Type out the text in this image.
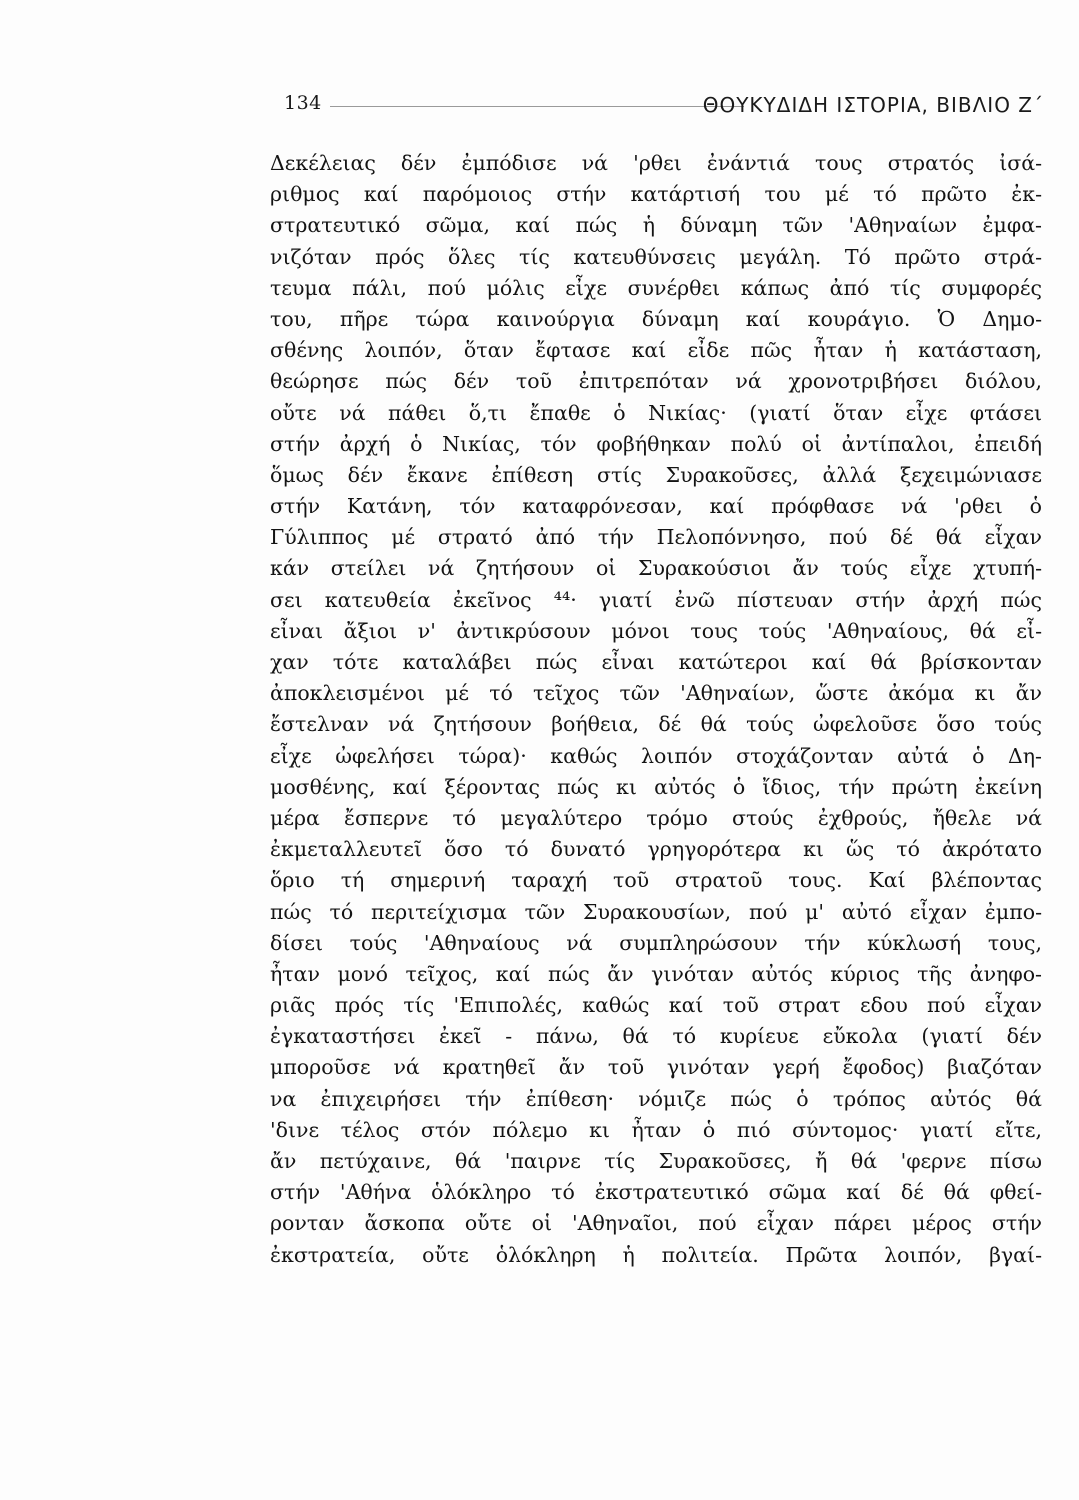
134	ΘΟΥΚΥΔΙΔΗ ΙΣΤΟΡΙΑ, ΒΙΒΛΙΟ Ζ΄
Δεκέλειας δέν ἐμπόδισε νά 'ρθει ἐνάντιά τους στρατός ἰσά-
ριθμος καί παρόμοιος στήν κατάρτισή του μέ τό πρῶτο ἐκ-
στρατευτικό σῶμα, καί πώς ἡ δύναμη τῶν 'Αθηναίων ἐμφα-
νιζόταν πρός ὅλες τίς κατευθύνσεις μεγάλη. Τό πρῶτο στρά-
τευμα πάλι, πού μόλις εἶχε συνέρθει κάπως ἀπό τίς συμφορές
του, πῆρε τώρα καινούργια δύναμη καί κουράγιο. Ὁ Δημο-
σθένης λοιπόν, ὅταν ἔφτασε καί εἶδε πῶς ἦταν ἡ κατάσταση,
θεώρησε πώς δέν τοῦ ἐπιτρεπόταν νά χρονοτριβήσει διόλου,
οὔτε νά πάθει ὅ,τι ἔπαθε ὁ Νικίας· (γιατί ὅταν εἶχε φτάσει
στήν ἀρχή ὁ Νικίας, τόν φοβήθηκαν πολύ οἱ ἀντίπαλοι, ἐπειδή
ὅμως δέν ἔκανε ἐπίθεση στίς Συρακοῦσες, ἀλλά ξεχειμώνιασε
στήν Κατάνη, τόν καταφρόνεσαν, καί πρόφθασε νά 'ρθει ὁ
Γύλιππος μέ στρατό ἀπό τήν Πελοπόννησο, πού δέ θά εἶχαν
κάν στείλει νά ζητήσουν οἱ Συρακούσιοι ἄν τούς εἶχε χτυπή-
σει κατευθεία ἐκεῖνος ⁴⁴· γιατί ἐνῶ πίστευαν στήν ἀρχή πώς
εἶναι ἄξιοι ν' ἀντικρύσουν μόνοι τους τούς 'Αθηναίους, θά εἶ-
χαν τότε καταλάβει πώς εἶναι κατώτεροι καί θά βρίσκονταν
ἀποκλεισμένοι μέ τό τεῖχος τῶν 'Αθηναίων, ὥστε ἀκόμα κι ἄν
ἔστελναν νά ζητήσουν βοήθεια, δέ θά τούς ὠφελοῦσε ὅσο τούς
εἶχε ὠφελήσει τώρα)· καθώς λοιπόν στοχάζονταν αὐτά ὁ Δη-
μοσθένης, καί ξέροντας πώς κι αὐτός ὁ ἴδιος, τήν πρώτη ἐκείνη
μέρα ἔσπερνε τό μεγαλύτερο τρόμο στούς ἐχθρούς, ἤθελε νά
ἐκμεταλλευτεῖ ὅσο τό δυνατό γρηγορότερα κι ὥς τό ἀκρότατο
ὅριο τή σημερινή ταραχή τοῦ στρατοῦ τους. Καί βλέποντας
πώς τό περιτείχισμα τῶν Συρακουσίων, πού μ' αὐτό εἶχαν ἐμπο-
δίσει τούς 'Αθηναίους νά συμπληρώσουν τήν κύκλωσή τους,
ἦταν μονό τεῖχος, καί πώς ἄν γινόταν αὐτός κύριος τῆς ἀνηφο-
ριᾶς πρός τίς 'Επιπολές, καθώς καί τοῦ στρατ εδου πού εἶχαν
ἐγκαταστήσει ἐκεῖ - πάνω, θά τό κυρίευε εὔκολα (γιατί δέν
μποροῦσε νά κρατηθεῖ ἄν τοῦ γινόταν γερή ἔφοδος) βιαζόταν
να ἐπιχειρήσει τήν ἐπίθεση· νόμιζε πώς ὁ τρόπος αὐτός θά
'δινε τέλος στόν πόλεμο κι ἦταν ὁ πιό σύντομος· γιατί εἴτε,
ἄν πετύχαινε, θά 'παιρνε τίς Συρακοῦσες, ἤ θά 'φερνε πίσω
στήν 'Αθήνα ὁλόκληρο τό ἐκστρατευτικό σῶμα καί δέ θά φθεί-
ρονταν ἄσκοπα οὔτε οἱ 'Αθηναῖοι, πού εἶχαν πάρει μέρος στήν
ἐκστρατεία, οὔτε ὁλόκληρη ἡ πολιτεία. Πρῶτα λοιπόν, βγαί-
